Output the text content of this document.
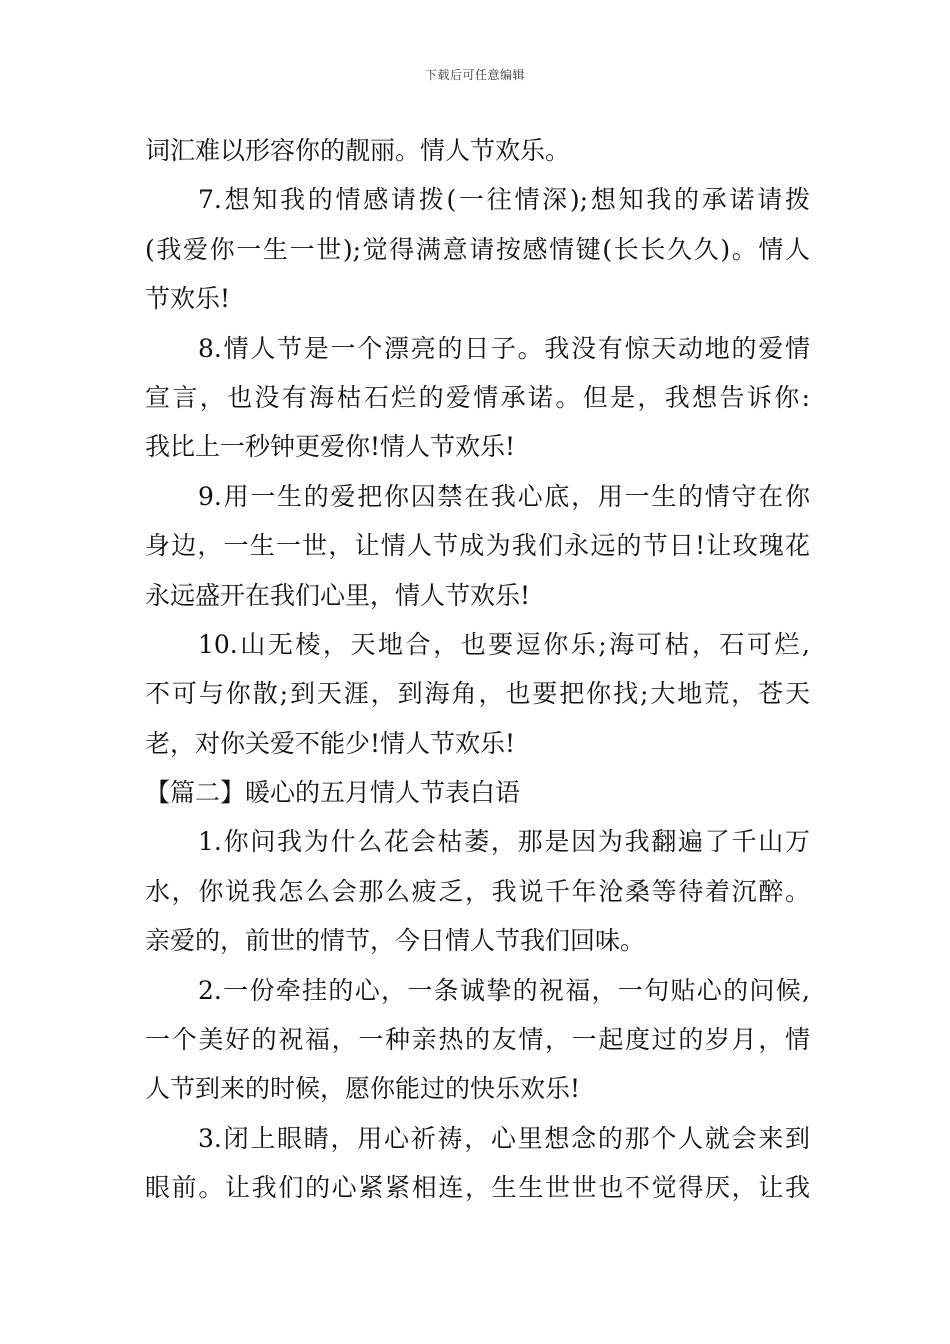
下载后可任意编辑
词汇难以形容你的靓丽。情人节欢乐。
7.想知我的情感请拨(一往情深);想知我的承诺请拨
(我爱你一生一世);觉得满意请按感情键(长长久久)。情人
节欢乐!
8.情人节是一个漂亮的日子。我没有惊天动地的爱情
宣言，也没有海枯石烂的爱情承诺。但是，我想告诉你:
我比上一秒钟更爱你!情人节欢乐!
9.用一生的爱把你囚禁在我心底，用一生的情守在你
身边，一生一世，让情人节成为我们永远的节日!让玫瑰花
永远盛开在我们心里，情人节欢乐!
10.山无棱，天地合，也要逗你乐;海可枯，石可烂,
不可与你散;到天涯，到海角，也要把你找;大地荒，苍天
老，对你关爱不能少!情人节欢乐!
【篇二】暖心的五月情人节表白语
1.你问我为什么花会枯萎，那是因为我翻遍了千山万
水，你说我怎么会那么疲乏，我说千年沧桑等待着沉醉。
亲爱的，前世的情节，今日情人节我们回味。
2.一份牵挂的心，一条诚挚的祝福，一句贴心的问候,
一个美好的祝福，一种亲热的友情，一起度过的岁月，情
人节到来的时候，愿你能过的快乐欢乐!
3.闭上眼睛，用心祈祷，心里想念的那个人就会来到
眼前。让我们的心紧紧相连，生生世世也不觉得厌，让我
